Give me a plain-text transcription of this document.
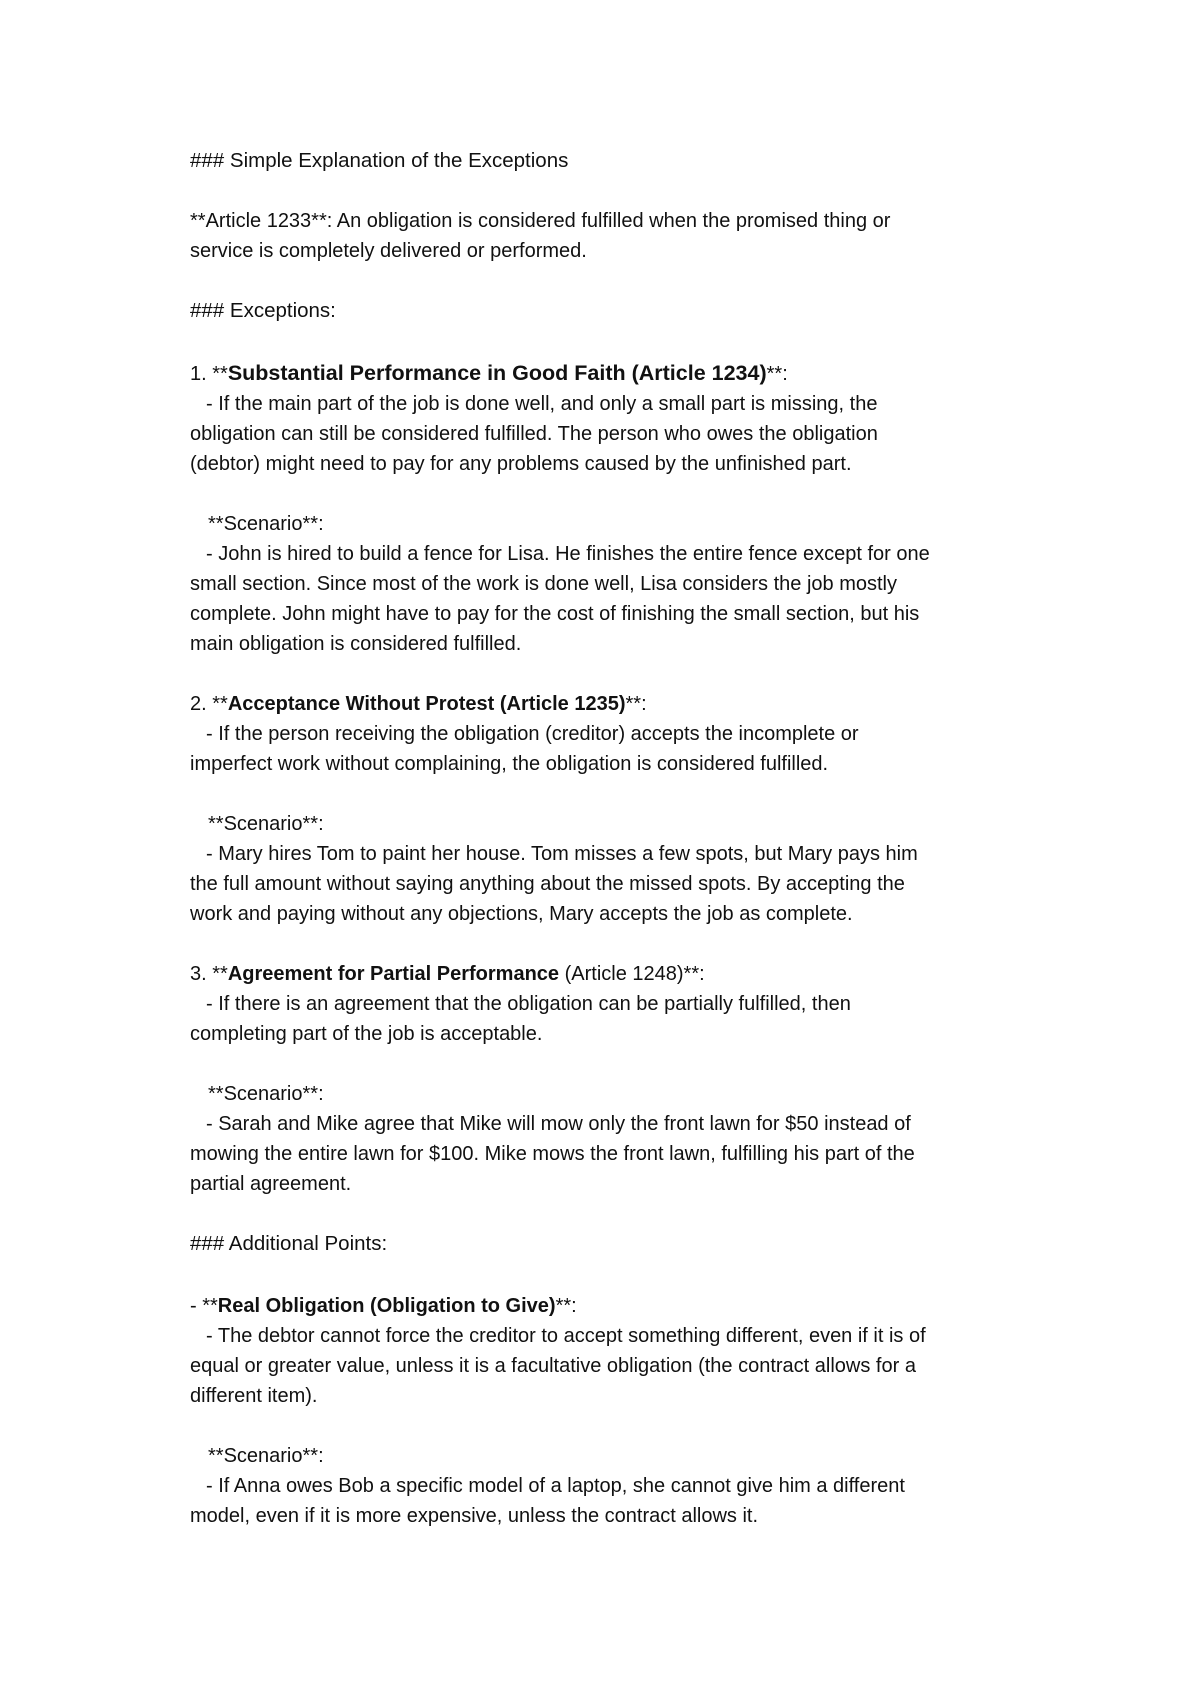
### Simple Explanation of the Exceptions

**Article 1233**: An obligation is considered fulfilled when the promised thing or

service is completely delivered or performed.

### Exceptions:

1. **Substantial Performance in Good Faith (Article 1234)**:

- If the main part of the job is done well, and only a small part is missing, the

obligation can still be considered fulfilled. The person who owes the obligation

(debtor) might need to pay for any problems caused by the unfinished part.

**Scenario**:

- John is hired to build a fence for Lisa. He finishes the entire fence except for one

small section. Since most of the work is done well, Lisa considers the job mostly

complete. John might have to pay for the cost of finishing the small section, but his

main obligation is considered fulfilled.

2. **Acceptance Without Protest (Article 1235)**:

- If the person receiving the obligation (creditor) accepts the incomplete or

imperfect work without complaining, the obligation is considered fulfilled.

**Scenario**:

- Mary hires Tom to paint her house. Tom misses a few spots, but Mary pays him

the full amount without saying anything about the missed spots. By accepting the

work and paying without any objections, Mary accepts the job as complete.

3. **Agreement for Partial Performance (Article 1248)**:

- If there is an agreement that the obligation can be partially fulfilled, then

completing part of the job is acceptable.

**Scenario**:

- Sarah and Mike agree that Mike will mow only the front lawn for $50 instead of

mowing the entire lawn for $100. Mike mows the front lawn, fulfilling his part of the

partial agreement.

### Additional Points:

- **Real Obligation (Obligation to Give)**:

- The debtor cannot force the creditor to accept something different, even if it is of

equal or greater value, unless it is a facultative obligation (the contract allows for a

different item).

**Scenario**:

- If Anna owes Bob a specific model of a laptop, she cannot give him a different

model, even if it is more expensive, unless the contract allows it.
